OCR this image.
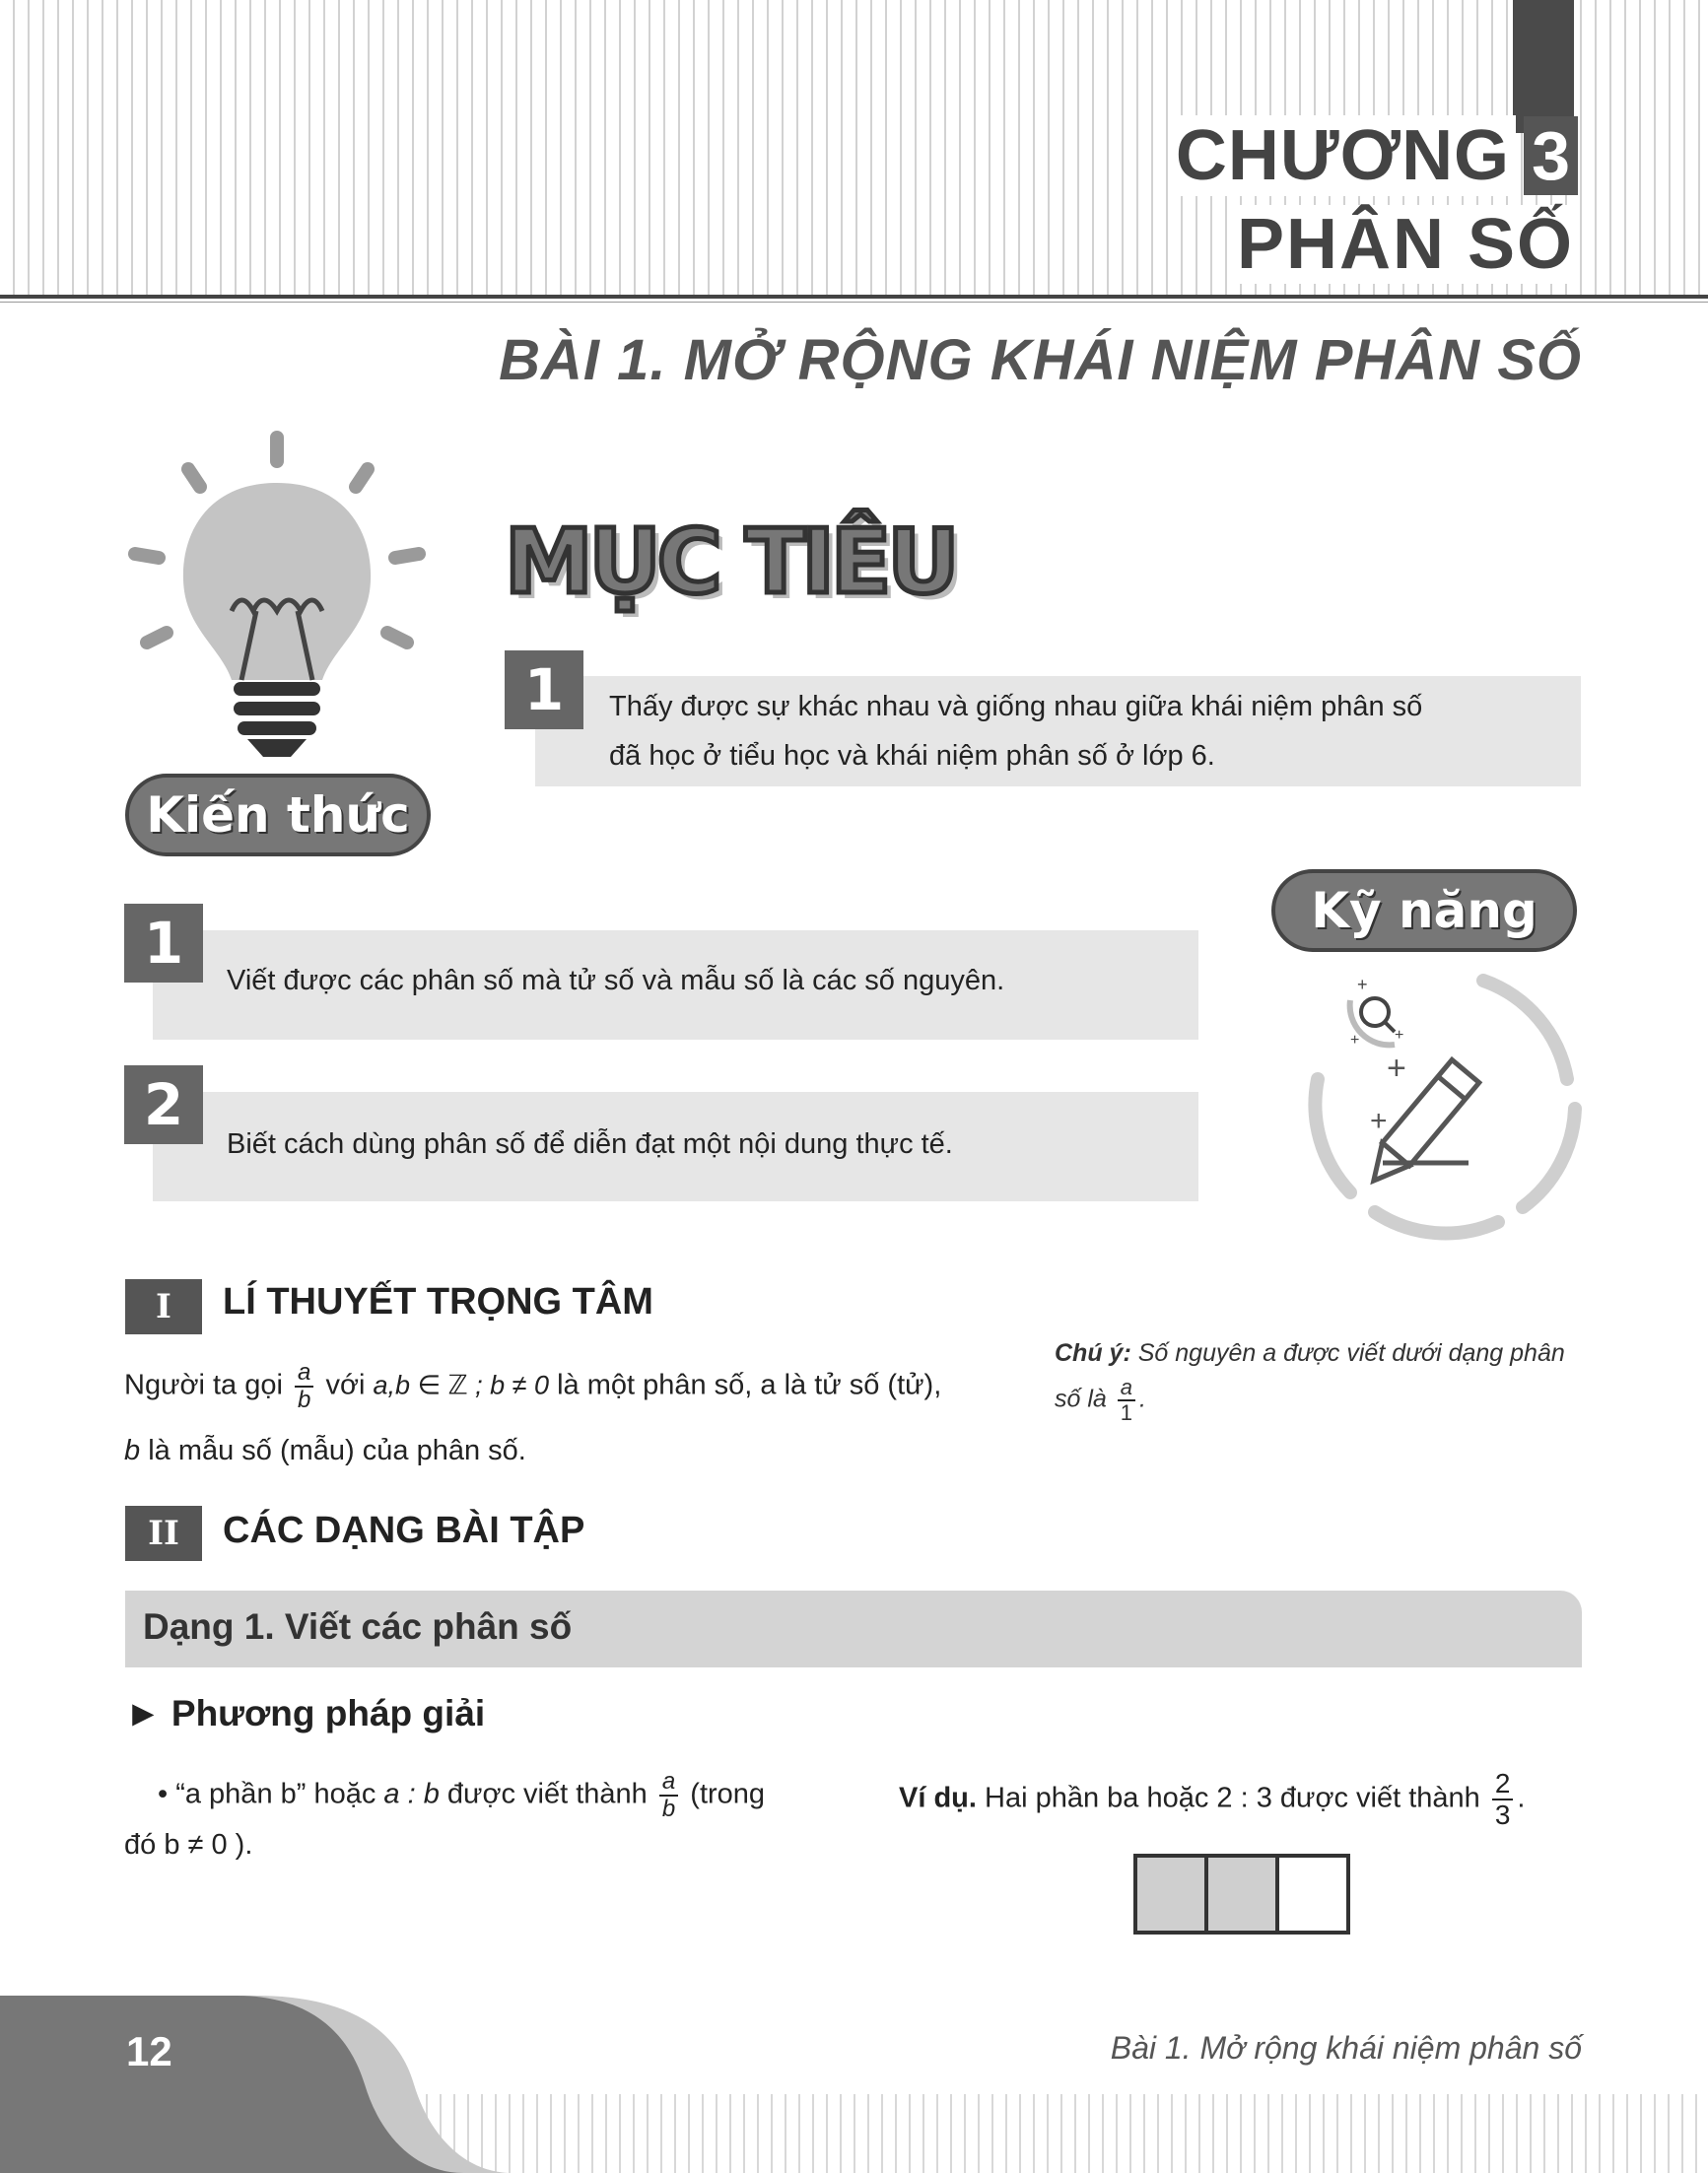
CHƯƠNG 3
PHÂN SỐ
BÀI 1. MỞ RỘNG KHÁI NIỆM PHÂN SỐ
MỤC TIÊU
Kiến thức
1	Thấy được sự khác nhau và giống nhau giữa khái niệm phân số
đã học ở tiểu học và khái niệm phân số ở lớp 6.
1
Viết được các phân số mà tử số và mẫu số là các số nguyên.
2
Biết cách dùng phân số để diễn đạt một nội dung thực tế.
Kỹ năng
+
+
+
+
+
I	LÍ THUYẾT TRỌNG TÂM
Người ta gọi $\frac{a}{b}$ với a,b ∈ ℤ ; b ≠ 0 là một phân số, a là tử số (tử),
b là mẫu số (mẫu) của phân số.
Chú ý: Số nguyên a được viết dưới dạng phân
số là $\frac{a}{1}$ .
II	CÁC DẠNG BÀI TẬP
Dạng 1. Viết các phân số
► Phương pháp giải
• “a phần b” hoặc a : b được viết thành $\frac{a}{b}$ (trong
đó b ≠ 0 ).
Ví dụ. Hai phần ba hoặc 2 : 3 được viết thành $\frac{2}{3}$ .
12	Bài 1. Mở rộng khái niệm phân số
